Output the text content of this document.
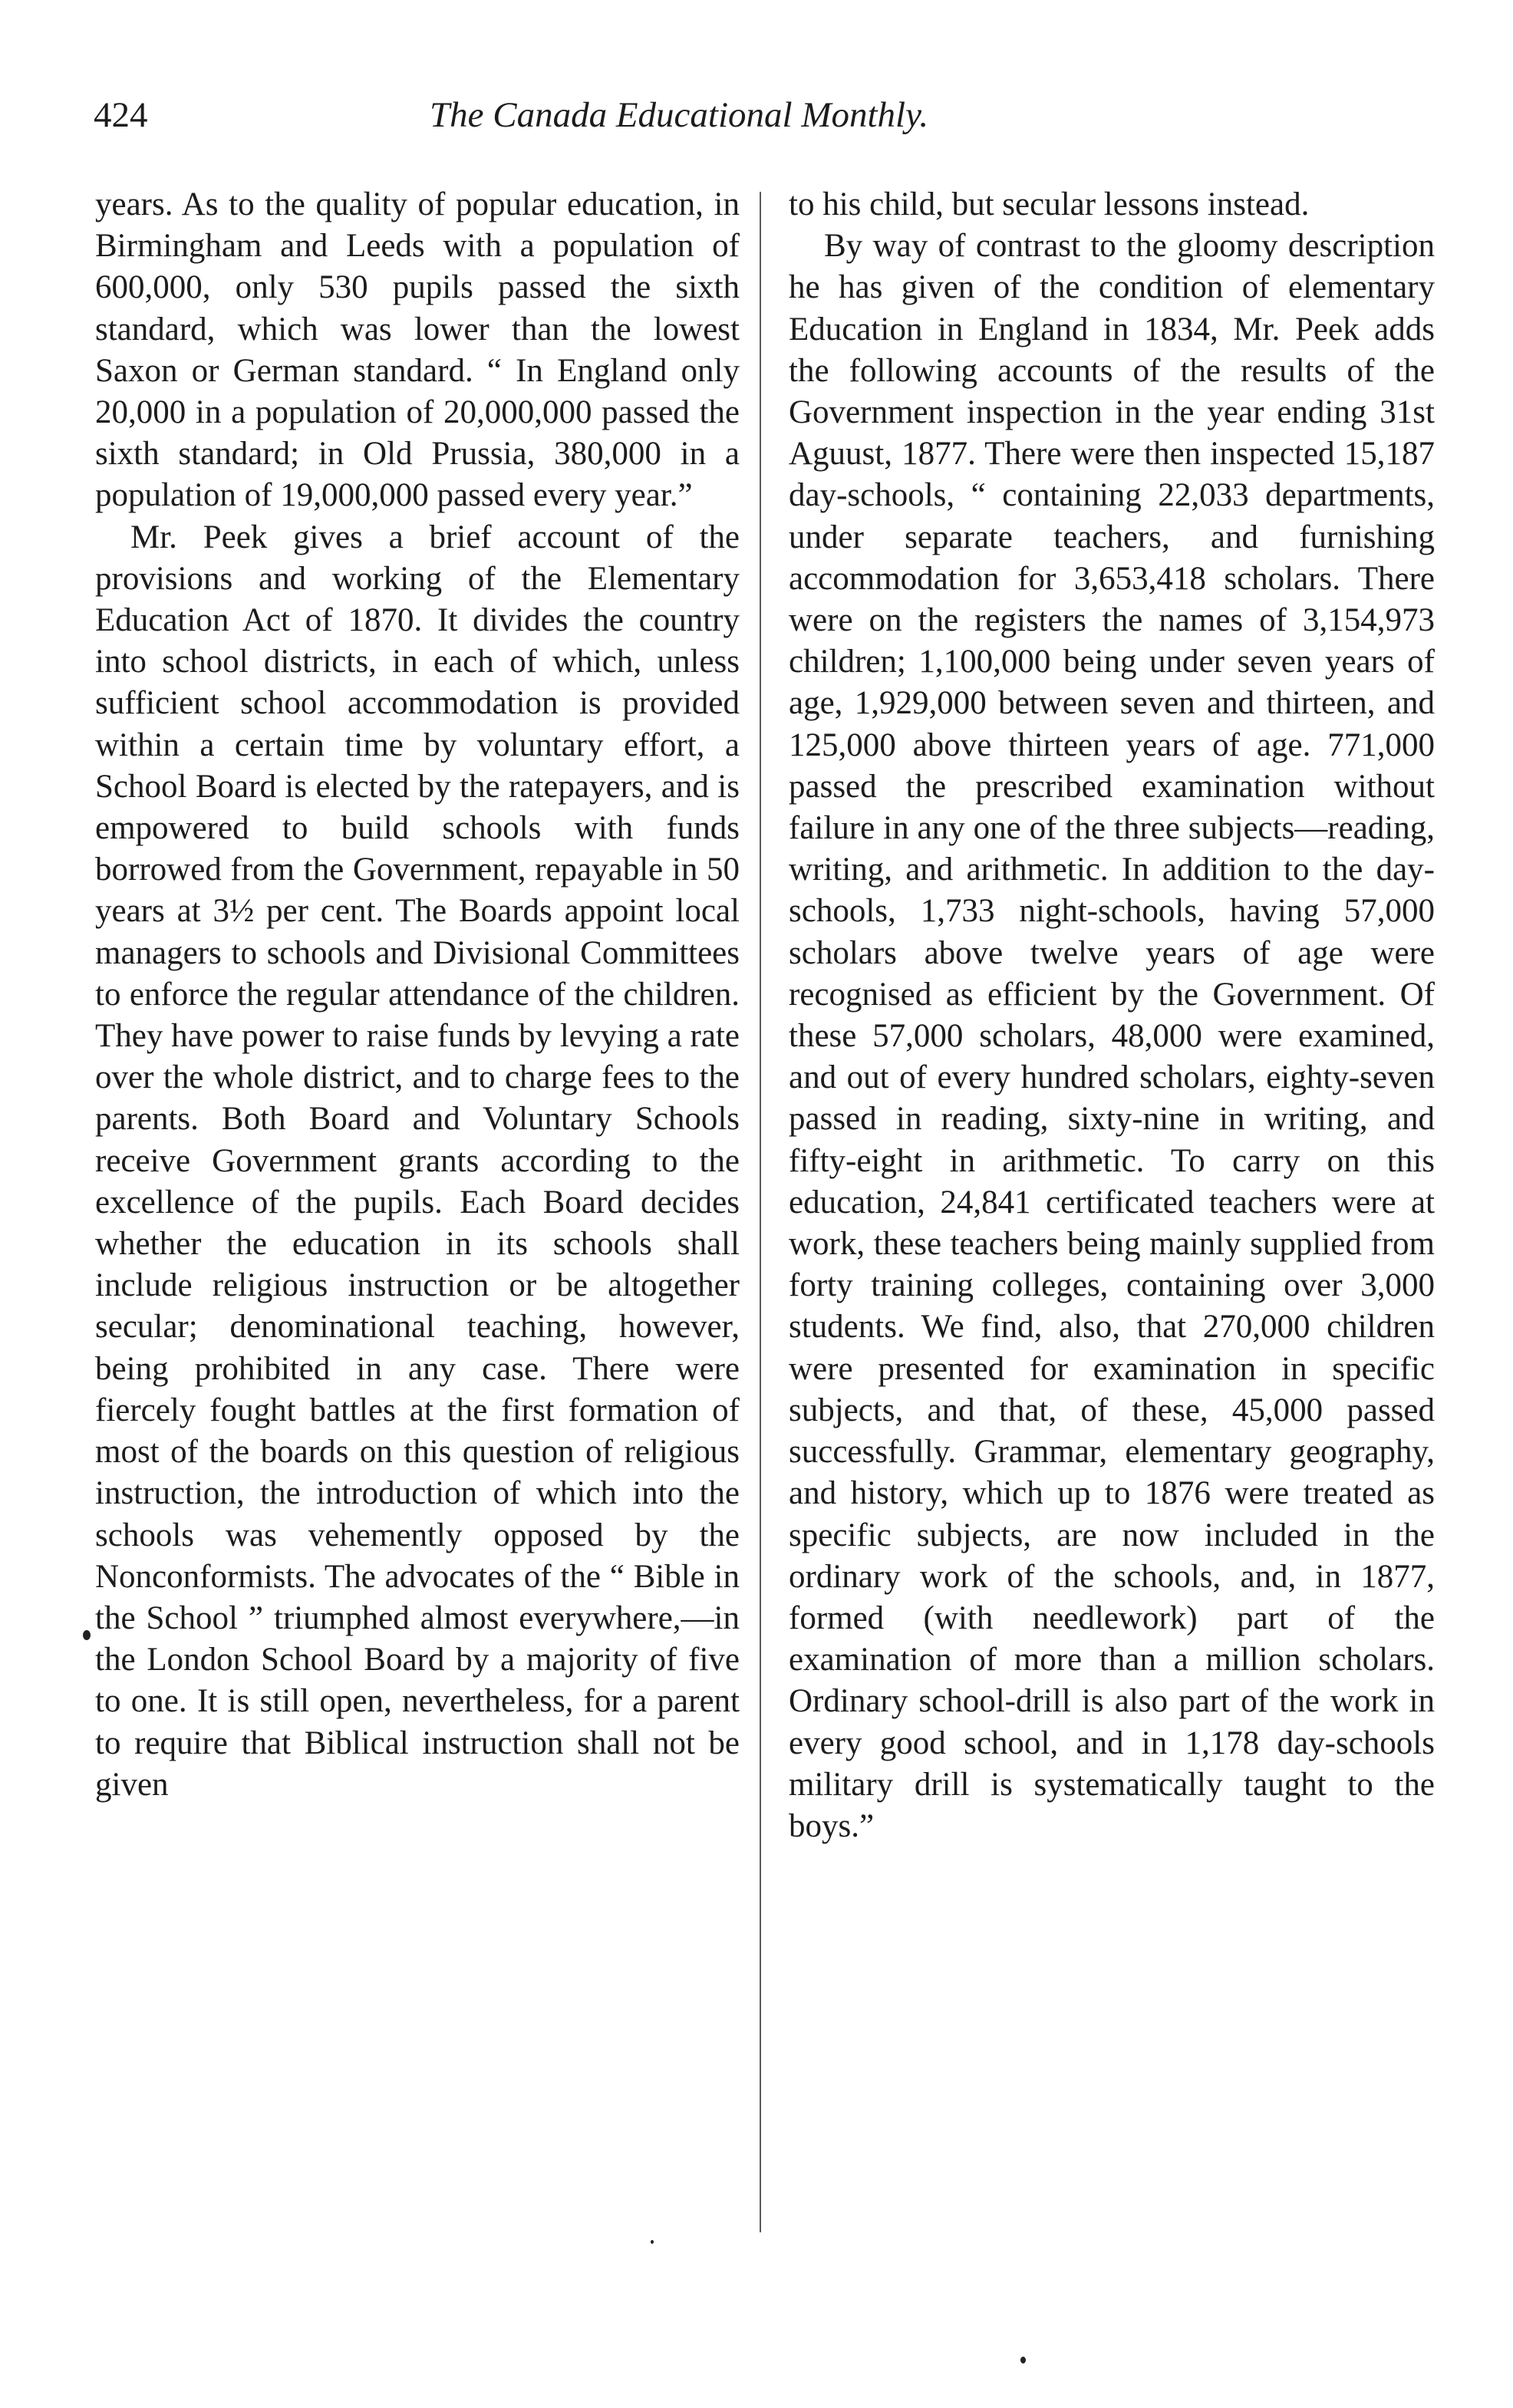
424	The Canada Educational Monthly.

years. As to the quality of popular education, in Birmingham and Leeds with a population of 600,000, only 530 pupils passed the sixth standard, which was lower than the lowest Saxon or German standard. “ In England only 20,000 in a population of 20,000,000 passed the sixth standard; in Old Prussia, 380,000 in a population of 19,000,000 passed every year.”

Mr. Peek gives a brief account of the provisions and working of the Elementary Education Act of 1870. It divides the country into school districts, in each of which, unless sufficient school accommodation is provided within a certain time by voluntary effort, a School Board is elected by the ratepayers, and is empowered to build schools with funds borrowed from the Government, repayable in 50 years at 3½ per cent. The Boards appoint local managers to schools and Divisional Committees to enforce the regular attendance of the children. They have power to raise funds by levying a rate over the whole district, and to charge fees to the parents. Both Board and Voluntary Schools receive Government grants according to the excellence of the pupils. Each Board decides whether the education in its schools shall include religious instruction or be altogether secular; denominational teaching, however, being prohibited in any case. There were fiercely fought battles at the first formation of most of the boards on this question of religious instruction, the introduction of which into the schools was vehemently opposed by the Nonconformists. The advocates of the “ Bible in the School ” triumphed almost everywhere,—in the London School Board by a majority of five to one. It is still open, nevertheless, for a parent to require that Biblical instruction shall not be given

to his child, but secular lessons instead.

By way of contrast to the gloomy description he has given of the condition of elementary Education in England in 1834, Mr. Peek adds the following accounts of the results of the Government inspection in the year ending 31st Aguust, 1877. There were then inspected 15,187 day-schools, “ containing 22,033 departments, under separate teachers, and furnishing accommodation for 3,653,418 scholars. There were on the registers the names of 3,154,973 children; 1,100,000 being under seven years of age, 1,929,000 between seven and thirteen, and 125,000 above thirteen years of age. 771,000 passed the prescribed examination without failure in any one of the three subjects—reading, writing, and arithmetic. In addition to the day-schools, 1,733 night-schools, having 57,000 scholars above twelve years of age were recognised as efficient by the Government. Of these 57,000 scholars, 48,000 were examined, and out of every hundred scholars, eighty-seven passed in reading, sixty-nine in writing, and fifty-eight in arithmetic. To carry on this education, 24,841 certificated teachers were at work, these teachers being mainly supplied from forty training colleges, containing over 3,000 students. We find, also, that 270,000 children were presented for examination in specific subjects, and that, of these, 45,000 passed successfully. Grammar, elementary geography, and history, which up to 1876 were treated as specific subjects, are now included in the ordinary work of the schools, and, in 1877, formed (with needlework) part of the examination of more than a million scholars. Ordinary school-drill is also part of the work in every good school, and in 1,178 day-schools military drill is systematically taught to the boys.”
